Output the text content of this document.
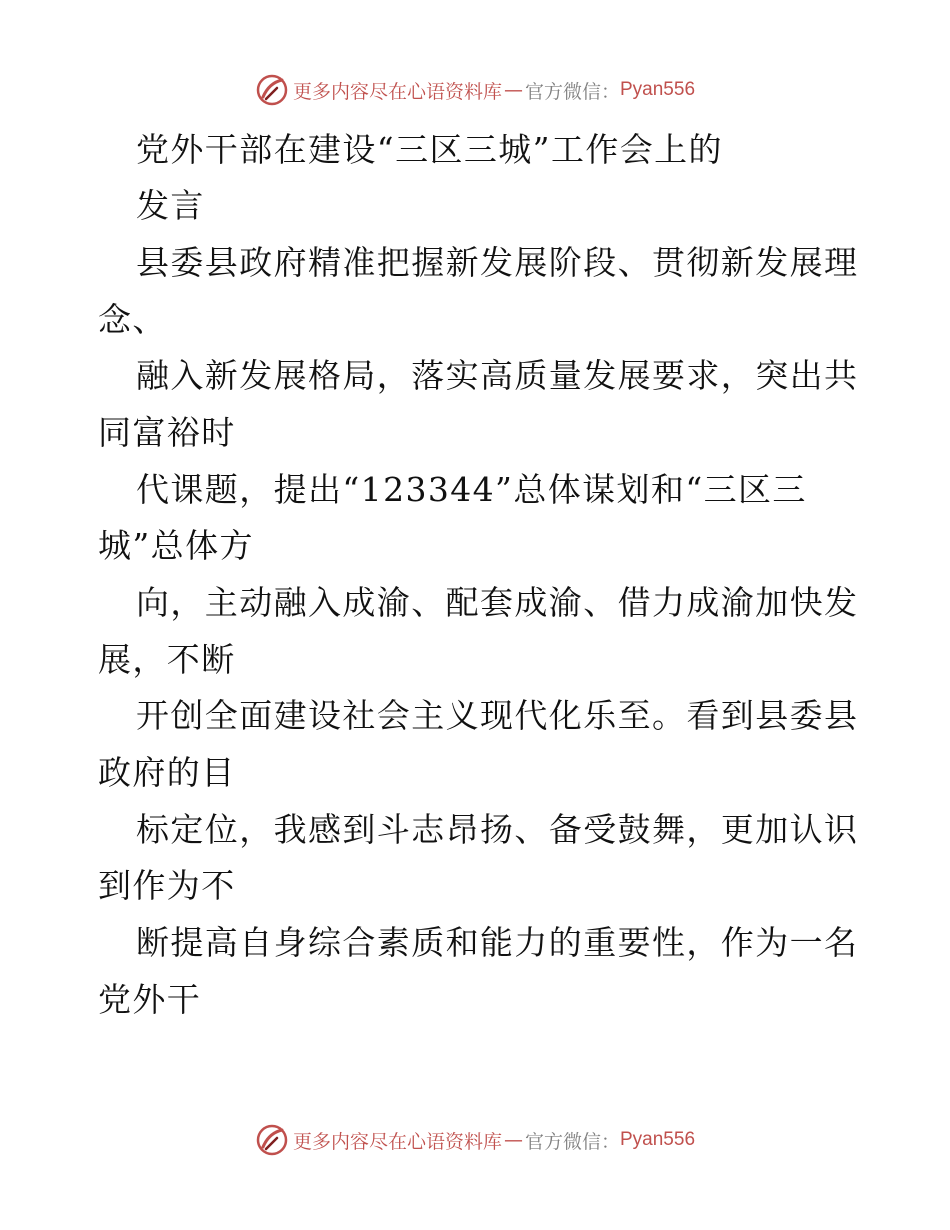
更多内容尽在心语资料库 — 官方微信： Pyan556
党外干部在建设“三区三城”工作会上的
发言
县委县政府精准把握新发展阶段、贯彻新发展理
念、
融入新发展格局，落实高质量发展要求，突出共
同富裕时
代课题，提出“123344”总体谋划和“三区三
城”总体方
向，主动融入成渝、配套成渝、借力成渝加快发
展，不断
开创全面建设社会主义现代化乐至。看到县委县
政府的目
标定位，我感到斗志昂扬、备受鼓舞，更加认识
到作为不
断提高自身综合素质和能力的重要性，作为一名
党外干
更多内容尽在心语资料库 — 官方微信： Pyan556
